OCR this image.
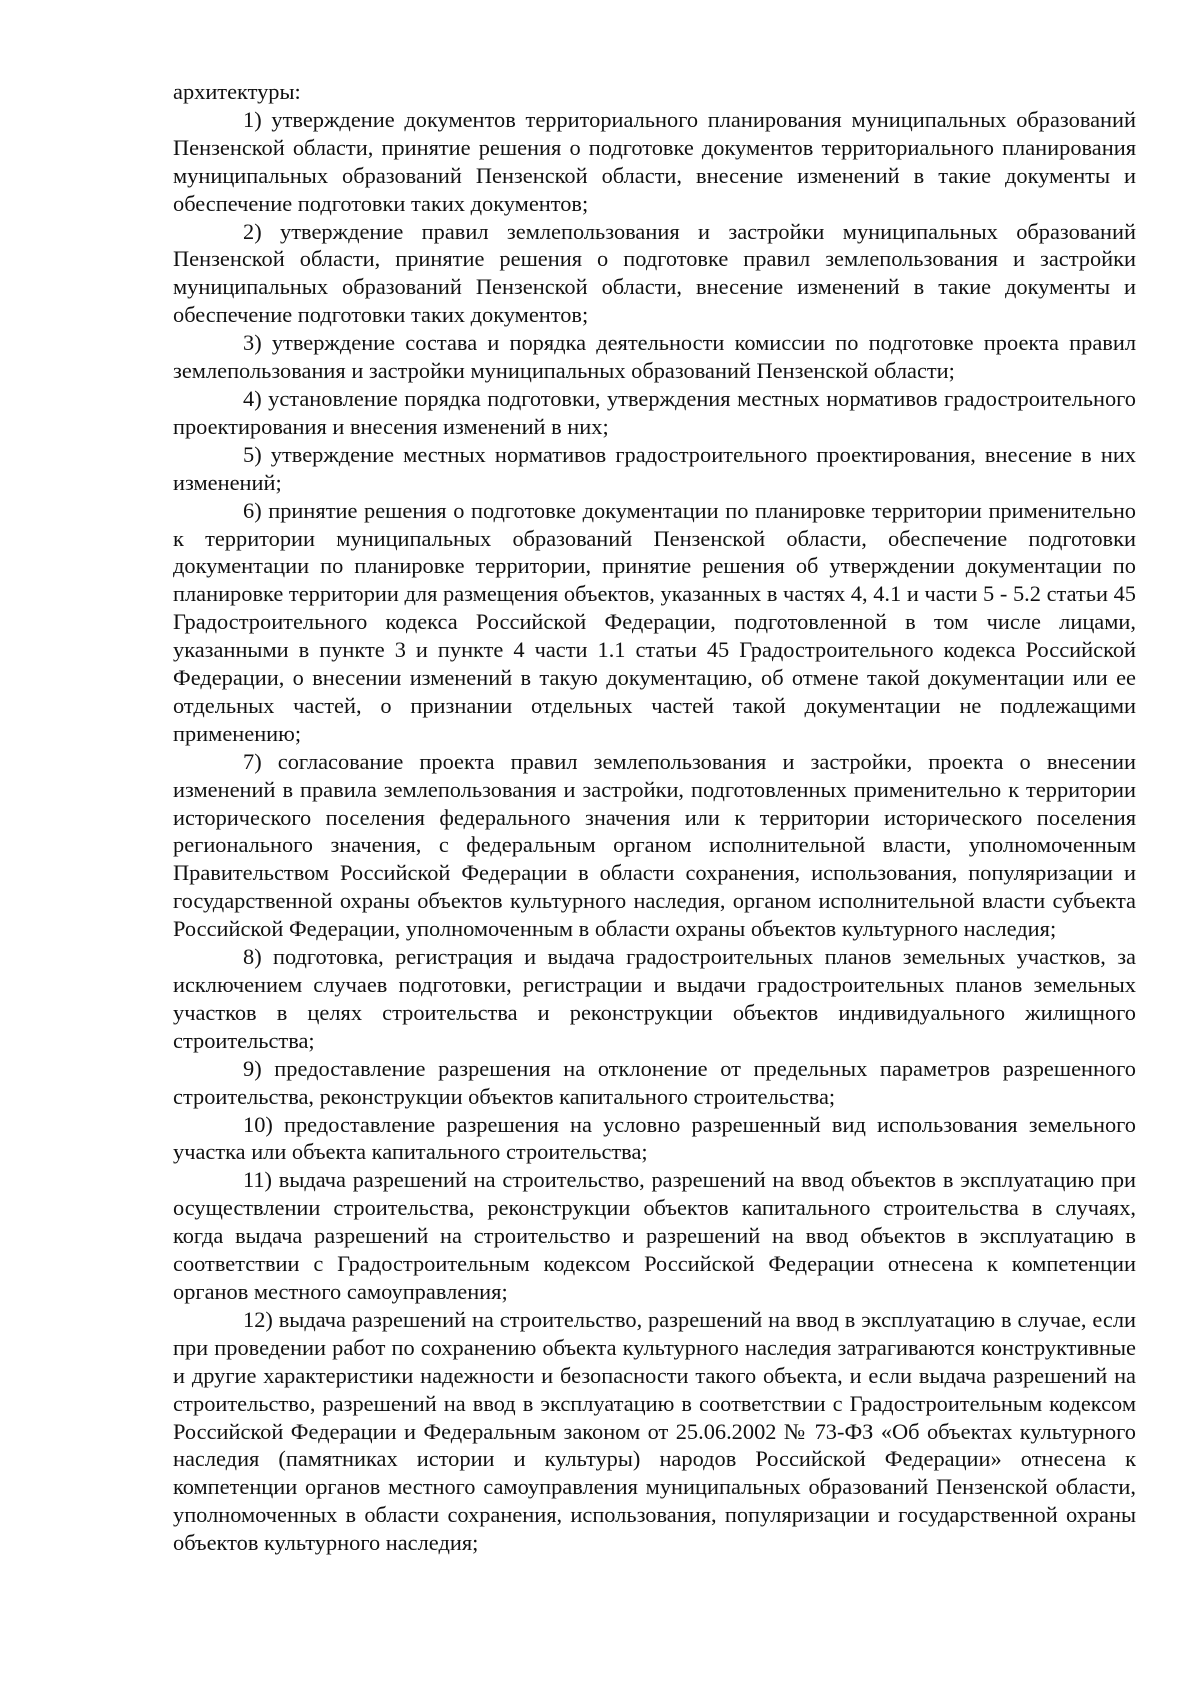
архитектуры:

1) утверждение документов территориального планирования муниципальных образований Пензенской области, принятие решения о подготовке документов территориального планирования муниципальных образований Пензенской области, внесение изменений в такие документы и обеспечение подготовки таких документов;

2) утверждение правил землепользования и застройки муниципальных образований Пензенской области, принятие решения о подготовке правил землепользования и застройки муниципальных образований Пензенской области, внесение изменений в такие документы и обеспечение подготовки таких документов;

3) утверждение состава и порядка деятельности комиссии по подготовке проекта правил землепользования и застройки муниципальных образований Пензенской области;

4) установление порядка подготовки, утверждения местных нормативов градостроительного проектирования и внесения изменений в них;

5) утверждение местных нормативов градостроительного проектирования, внесение в них изменений;

6) принятие решения о подготовке документации по планировке территории применительно к территории муниципальных образований Пензенской области, обеспечение подготовки документации по планировке территории, принятие решения об утверждении документации по планировке территории для размещения объектов, указанных в частях 4, 4.1 и части 5 - 5.2 статьи 45 Градостроительного кодекса Российской Федерации, подготовленной в том числе лицами, указанными в пункте 3 и пункте 4 части 1.1 статьи 45 Градостроительного кодекса Российской Федерации, о внесении изменений в такую документацию, об отмене такой документации или ее отдельных частей, о признании отдельных частей такой документации не подлежащими применению;

7) согласование проекта правил землепользования и застройки, проекта о внесении изменений в правила землепользования и застройки, подготовленных применительно к территории исторического поселения федерального значения или к территории исторического поселения регионального значения, с федеральным органом исполнительной власти, уполномоченным Правительством Российской Федерации в области сохранения, использования, популяризации и государственной охраны объектов культурного наследия, органом исполнительной власти субъекта Российской Федерации, уполномоченным в области охраны объектов культурного наследия;

8) подготовка, регистрация и выдача градостроительных планов земельных участков, за исключением случаев подготовки, регистрации и выдачи градостроительных планов земельных участков в целях строительства и реконструкции объектов индивидуального жилищного строительства;

9) предоставление разрешения на отклонение от предельных параметров разрешенного строительства, реконструкции объектов капитального строительства;

10) предоставление разрешения на условно разрешенный вид использования земельного участка или объекта капитального строительства;

11) выдача разрешений на строительство, разрешений на ввод объектов в эксплуатацию при осуществлении строительства, реконструкции объектов капитального строительства в случаях, когда выдача разрешений на строительство и разрешений на ввод объектов в эксплуатацию в соответствии с Градостроительным кодексом Российской Федерации отнесена к компетенции органов местного самоуправления;

12) выдача разрешений на строительство, разрешений на ввод в эксплуатацию в случае, если при проведении работ по сохранению объекта культурного наследия затрагиваются конструктивные и другие характеристики надежности и безопасности такого объекта, и если выдача разрешений на строительство, разрешений на ввод в эксплуатацию в соответствии с Градостроительным кодексом Российской Федерации и Федеральным законом от 25.06.2002 № 73-ФЗ «Об объектах культурного наследия (памятниках истории и культуры) народов Российской Федерации» отнесена к компетенции органов местного самоуправления муниципальных образований Пензенской области, уполномоченных в области сохранения, использования, популяризации и государственной охраны объектов культурного наследия;
